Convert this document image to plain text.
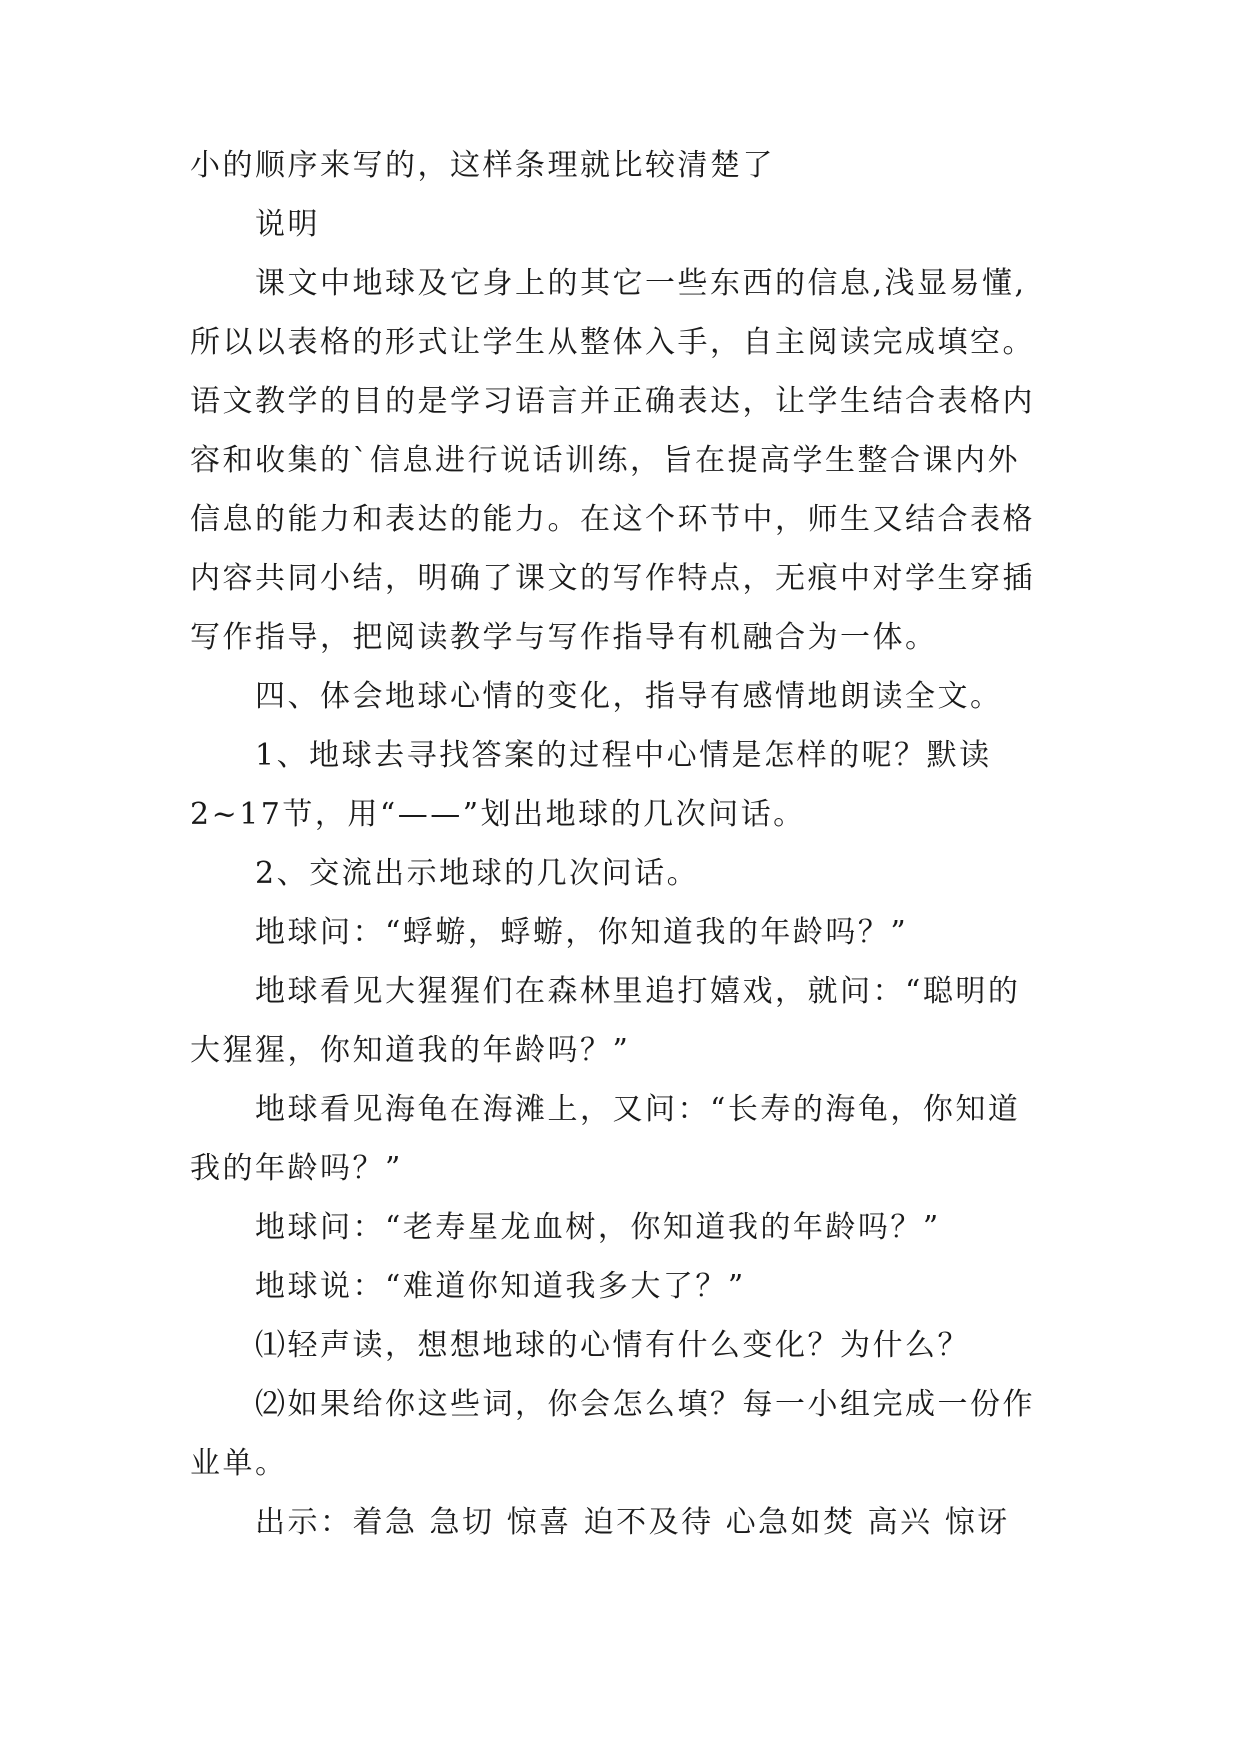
小的顺序来写的，这样条理就比较清楚了
说明
课文中地球及它身上的其它一些东西的信息,浅显易懂,
所以以表格的形式让学生从整体入手，自主阅读完成填空。
语文教学的目的是学习语言并正确表达，让学生结合表格内
容和收集的`信息进行说话训练，旨在提高学生整合课内外
信息的能力和表达的能力。在这个环节中，师生又结合表格
内容共同小结，明确了课文的写作特点，无痕中对学生穿插
写作指导，把阅读教学与写作指导有机融合为一体。
四、体会地球心情的变化，指导有感情地朗读全文。
1、地球去寻找答案的过程中心情是怎样的呢？默读
2~17节，用“——”划出地球的几次问话。
2、交流出示地球的几次问话。
地球问：“蜉蝣，蜉蝣，你知道我的年龄吗？”
地球看见大猩猩们在森林里追打嬉戏，就问：“聪明的
大猩猩，你知道我的年龄吗？”
地球看见海龟在海滩上，又问：“长寿的海龟，你知道
我的年龄吗？”
地球问：“老寿星龙血树，你知道我的年龄吗？”
地球说：“难道你知道我多大了？”
⑴轻声读，想想地球的心情有什么变化？为什么？
⑵如果给你这些词，你会怎么填？每一小组完成一份作
业单。
出示：着急 急切 惊喜 迫不及待 心急如焚 高兴 惊讶
